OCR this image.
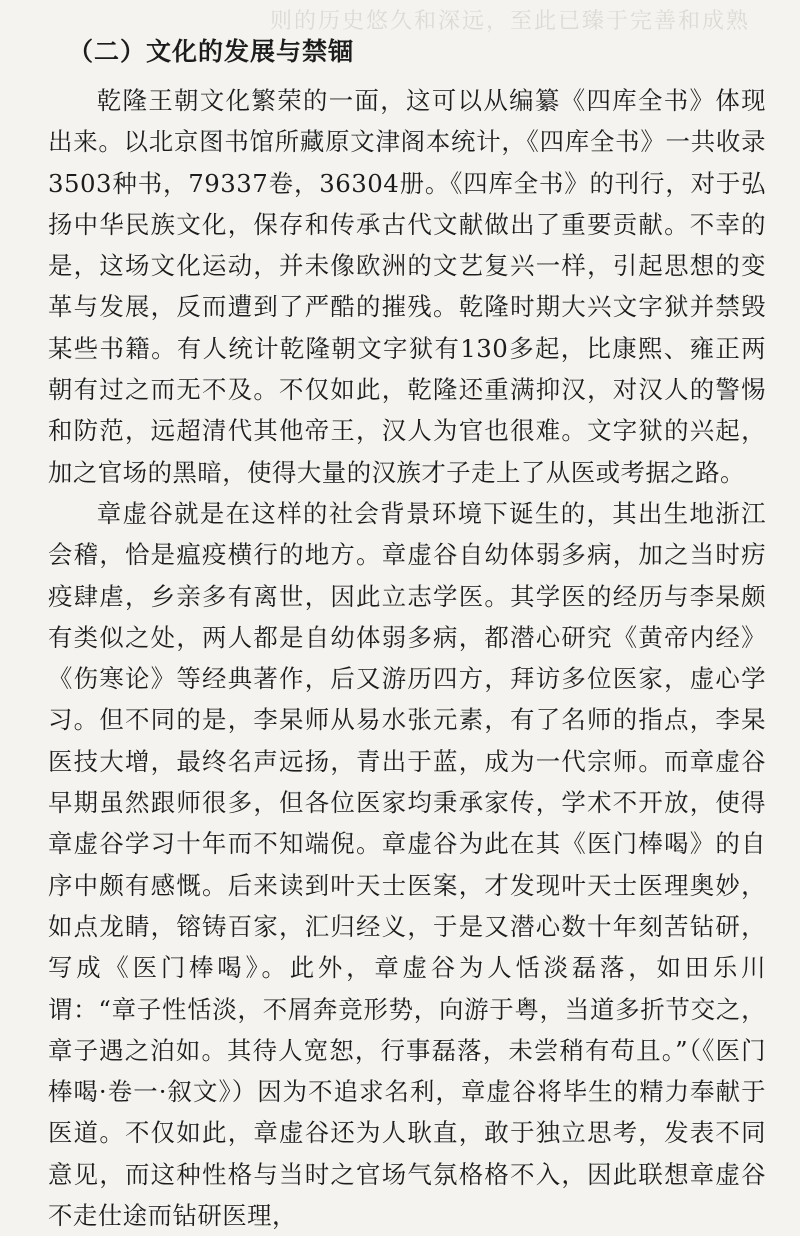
则的历史悠久和深远，至此已臻于完善和成熟
（二）文化的发展与禁锢

乾隆王朝文化繁荣的一面，这可以从编纂《四库全书》体现出来。以北京图书馆所藏原文津阁本统计，《四库全书》一共收录3503种书，79337卷，36304册。《四库全书》的刊行，对于弘扬中华民族文化，保存和传承古代文献做出了重要贡献。不幸的是，这场文化运动，并未像欧洲的文艺复兴一样，引起思想的变革与发展，反而遭到了严酷的摧残。乾隆时期大兴文字狱并禁毁某些书籍。有人统计乾隆朝文字狱有130多起，比康熙、雍正两朝有过之而无不及。不仅如此，乾隆还重满抑汉，对汉人的警惕和防范，远超清代其他帝王，汉人为官也很难。文字狱的兴起，加之官场的黑暗，使得大量的汉族才子走上了从医或考据之路。

章虚谷就是在这样的社会背景环境下诞生的，其出生地浙江会稽，恰是瘟疫横行的地方。章虚谷自幼体弱多病，加之当时疠疫肆虐，乡亲多有离世，因此立志学医。其学医的经历与李杲颇有类似之处，两人都是自幼体弱多病，都潜心研究《黄帝内经》《伤寒论》等经典著作，后又游历四方，拜访多位医家，虚心学习。但不同的是，李杲师从易水张元素，有了名师的指点，李杲医技大增，最终名声远扬，青出于蓝，成为一代宗师。而章虚谷早期虽然跟师很多，但各位医家均秉承家传，学术不开放，使得章虚谷学习十年而不知端倪。章虚谷为此在其《医门棒喝》的自序中颇有感慨。后来读到叶天士医案，才发现叶天士医理奥妙，如点龙睛，镕铸百家，汇归经义，于是又潜心数十年刻苦钻研，写成《医门棒喝》。此外，章虚谷为人恬淡磊落，如田乐川谓：“章子性恬淡，不屑奔竞形势，向游于粤，当道多折节交之，章子遇之泊如。其待人宽恕，行事磊落，未尝稍有苟且。”（《医门棒喝·卷一·叙文》）因为不追求名利，章虚谷将毕生的精力奉献于医道。不仅如此，章虚谷还为人耿直，敢于独立思考，发表不同意见，而这种性格与当时之官场气氛格格不入，因此联想章虚谷不走仕途而钻研医理，
